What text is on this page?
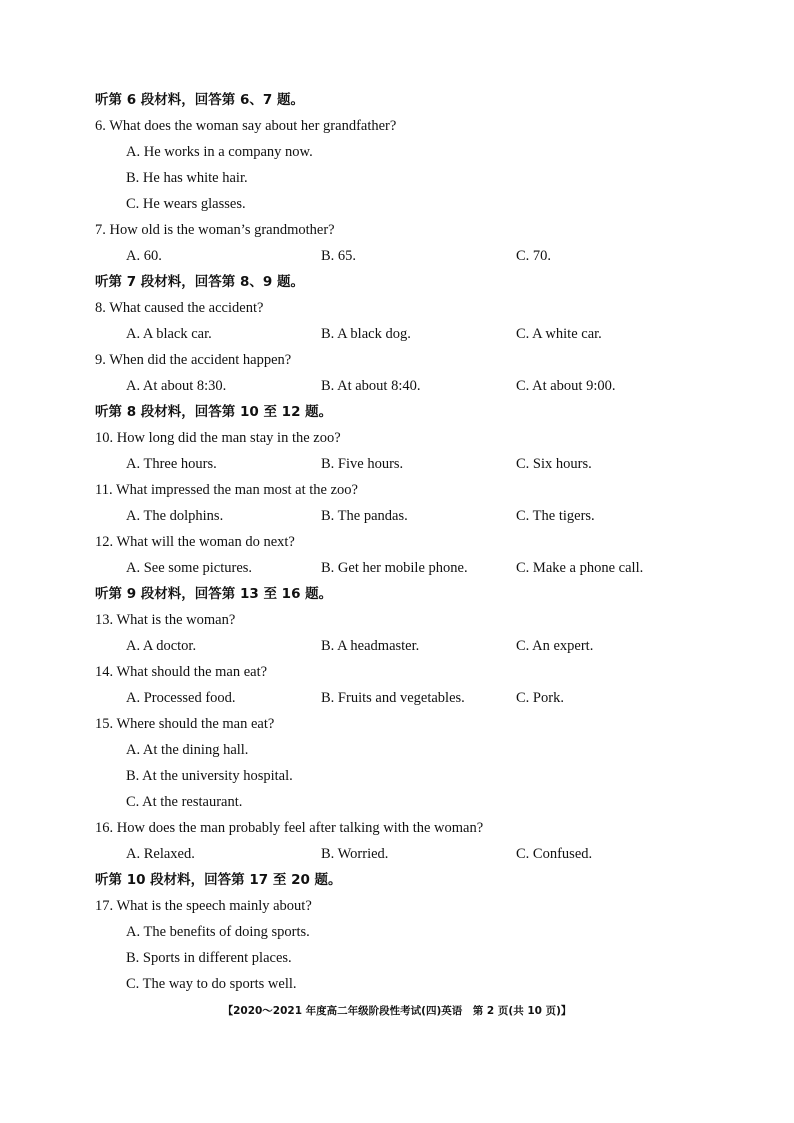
听第 6 段材料，回答第 6、7 题。
6. What does the woman say about her grandfather?
A. He works in a company now.
B. He has white hair.
C. He wears glasses.
7. How old is the woman’s grandmother?
A. 60.	B. 65.	C. 70.
听第 7 段材料，回答第 8、9 题。
8. What caused the accident?
A. A black car.	B. A black dog.	C. A white car.
9. When did the accident happen?
A. At about 8:30.	B. At about 8:40.	C. At about 9:00.
听第 8 段材料，回答第 10 至 12 题。
10. How long did the man stay in the zoo?
A. Three hours.	B. Five hours.	C. Six hours.
11. What impressed the man most at the zoo?
A. The dolphins.	B. The pandas.	C. The tigers.
12. What will the woman do next?
A. See some pictures.	B. Get her mobile phone.	C. Make a phone call.
听第 9 段材料，回答第 13 至 16 题。
13. What is the woman?
A. A doctor.	B. A headmaster.	C. An expert.
14. What should the man eat?
A. Processed food.	B. Fruits and vegetables.	C. Pork.
15. Where should the man eat?
A. At the dining hall.
B. At the university hospital.
C. At the restaurant.
16. How does the man probably feel after talking with the woman?
A. Relaxed.	B. Worried.	C. Confused.
听第 10 段材料，回答第 17 至 20 题。
17. What is the speech mainly about?
A. The benefits of doing sports.
B. Sports in different places.
C. The way to do sports well.
【2020～2021 年度高二年级阶段性考试(四)英语　第 2 页(共 10 页)】
